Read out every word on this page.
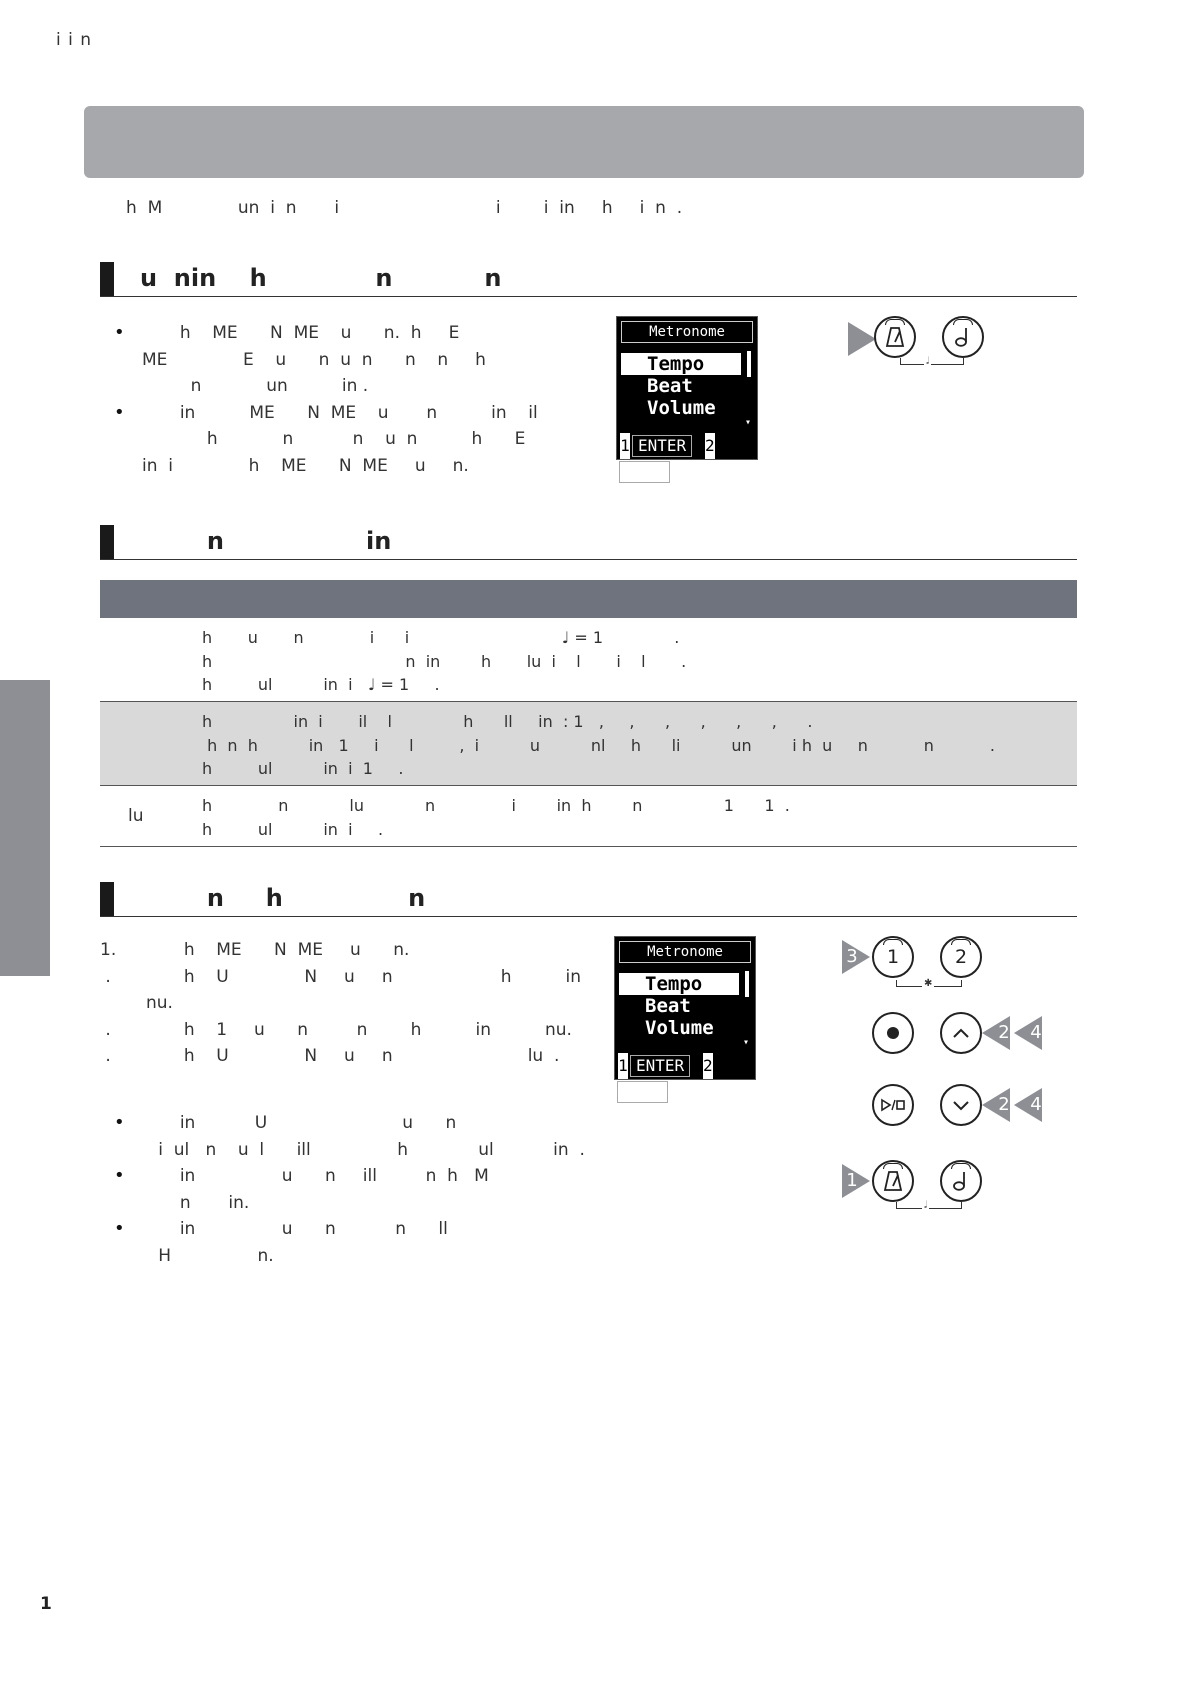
i i n
h  M              un  i  n       i                             i        i  in     h     i  n  .
u  nin    h             n           n
•        h    ME      N  ME    u      n.  h     E
ME              E    u      n  u  n      n    n     h
n            un          in .
•        in          ME      N  ME    u       n          in    il
h            n           n    u  n          h      E
in  i              h    ME      N  ME     u     n.
Metronome
Tempo
Beat
Volume
▾
1 ENTER 2EXIT
𝅗𝅥
n                 in
h       u       n             i      i                              ♩ = 1              .
h                                      n  in        h       lu  i    l       i    l       .
h         ul          in  i   ♩ = 1     .
h                in  i       il    l              h      ll     in  : 1   ,     ,      ,      ,      ,      ,      .
h  n  h          in   1     i      l         ,  i          u          nl     h      li          un        i h  u     n           n           .
h         ul          in  i  1     .
lu
h             n            lu            n               i        in  h        n                1      1  .
h         ul          in  i     .
n     h               n
1. h    ME      N  ME     u      n.
. h    U              N     u     n                    h          in
nu.
. h    1     u      n         n        h          in          nu.
. h    U              N     u     n                         lu  .
•        in           U                         u      n
i  ul   n    u  l      ill                h             ul           in  .
•        in                u      n     ill         n  h   M
n       in.
•        in                u      n           n      ll
H                n.
Metronome
Tempo
Beat
Volume
▾
1 ENTER 2EXIT
3 1	2
✱
2 4
2 4
1
𝅗𝅥
1
